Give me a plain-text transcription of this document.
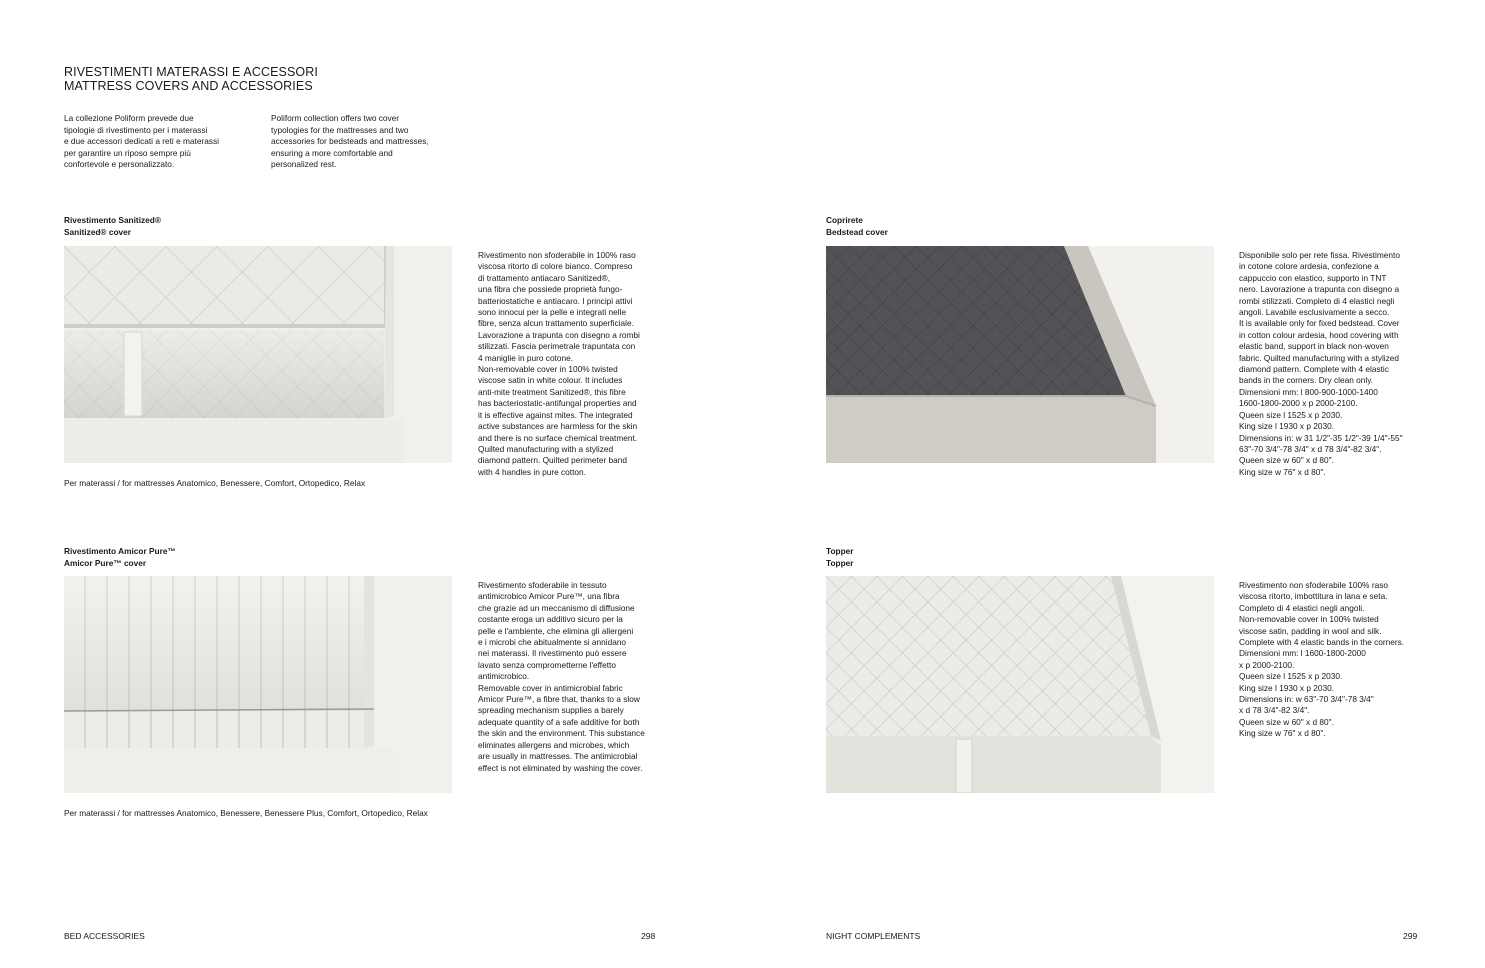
RIVESTIMENTI MATERASSI E ACCESSORI
MATTRESS COVERS AND ACCESSORIES
La collezione Poliform prevede due
tipologie di rivestimento per i materassi
e due accessori dedicati a reti e materassi
per garantire un riposo sempre più
confortevole e personalizzato.
Poliform collection offers two cover
typologies for the mattresses and two
accessories for bedsteads and mattresses,
ensuring a more comfortable and
personalized rest.
Rivestimento Sanitized®
Sanitized® cover
Rivestimento non sfoderabile in 100% raso
viscosa ritorto di colore bianco. Compreso
di trattamento antiacaro Sanitized®,
una fibra che possiede proprietà fungo-
batteriostatiche e antiacaro. I principi attivi
sono innocui per la pelle e integrati nelle
fibre, senza alcun trattamento superficiale.
Lavorazione a trapunta con disegno a rombi
stilizzati. Fascia perimetrale trapuntata con
4 maniglie in puro cotone.
Non-removable cover in 100% twisted
viscose satin in white colour. It includes
anti-mite treatment Sanitized®, this fibre
has bacteriostatic-antifungal properties and
it is effective against mites. The integrated
active substances are harmless for the skin
and there is no surface chemical treatment.
Quilted manufacturing with a stylized
diamond pattern. Quilted perimeter band
with 4 handles in pure cotton.
Per materassi / for mattresses Anatomico, Benessere, Comfort, Ortopedico, Relax
Rivestimento Amicor Pure™
Amicor Pure™ cover
Rivestimento sfoderabile in tessuto
antimicrobico Amicor Pure™, una fibra
che grazie ad un meccanismo di diffusione
costante eroga un additivo sicuro per la
pelle e l'ambiente, che elimina gli allergeni
e i microbi che abitualmente si annidano
nei materassi. Il rivestimento può essere
lavato senza comprometterne l'effetto
antimicrobico.
Removable cover in antimicrobial fabric
Amicor Pure™, a fibre that, thanks to a slow
spreading mechanism supplies a barely
adequate quantity of a safe additive for both
the skin and the environment. This substance
eliminates allergens and microbes, which
are usually in mattresses. The antimicrobial
effect is not eliminated by washing the cover.
Per materassi / for mattresses Anatomico, Benessere, Benessere Plus, Comfort, Ortopedico, Relax
Coprirete
Bedstead cover
Disponibile solo per rete fissa. Rivestimento
in cotone colore ardesia, confezione a
cappuccio con elastico, supporto in TNT
nero. Lavorazione a trapunta con disegno a
rombi stilizzati. Completo di 4 elastici negli
angoli. Lavabile esclusivamente a secco.
It is available only for fixed bedstead. Cover
in cotton colour ardesia, hood covering with
elastic band, support in black non-woven
fabric. Quilted manufacturing with a stylized
diamond pattern. Complete with 4 elastic
bands in the corners. Dry clean only.
Dimensioni mm: l 800-900-1000-1400
1600-1800-2000 x p 2000-2100.
Queen size l 1525 x p 2030.
King size l 1930 x p 2030.
Dimensions in: w 31 1/2"-35 1/2"-39 1/4"-55"
63"-70 3/4"-78 3/4" x d 78 3/4"-82 3/4".
Queen size w 60" x d 80".
King size w 76" x d 80".
Topper
Topper
Rivestimento non sfoderabile 100% raso
viscosa ritorto, imbottitura in lana e seta.
Completo di 4 elastici negli angoli.
Non-removable cover in 100% twisted
viscose satin, padding in wool and silk.
Complete with 4 elastic bands in the corners.
Dimensioni mm: l 1600-1800-2000
x p 2000-2100.
Queen size l 1525 x p 2030.
King size l 1930 x p 2030.
Dimensions in: w 63"-70 3/4"-78 3/4"
x d 78 3/4"-82 3/4".
Queen size w 60" x d 80".
King size w 76" x d 80".
BED ACCESSORIES	298	NIGHT COMPLEMENTS	299
